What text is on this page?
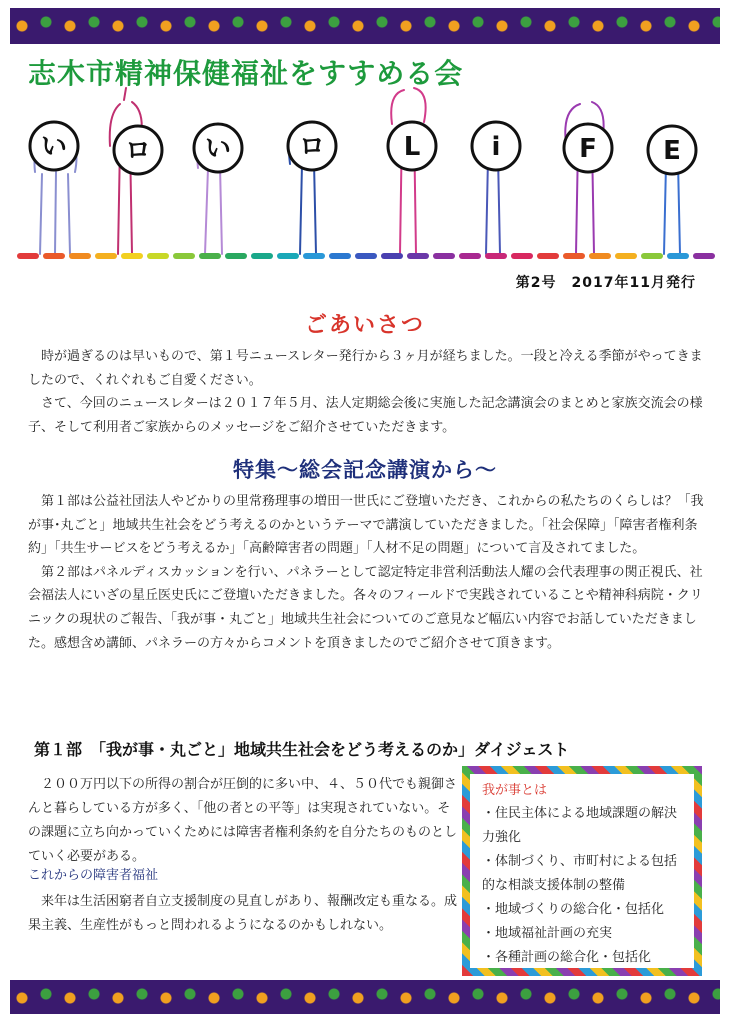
志木市精神保健福祉をすすめる会
い ロ い	ロ	L	i	F	E
第2号　2017年11月発行
ごあいさつ
　時が過ぎるのは早いもので、第１号ニュースレター発行から３ヶ月が経ちました。一段と冷える季節がやってきましたので、くれぐれもご自愛ください。
　さて、今回のニュースレターは２０１７年５月、法人定期総会後に実施した記念講演会のまとめと家族交流会の様子、そして利用者ご家族からのメッセージをご紹介させていただきます。
特集～総会記念講演から～
　第１部は公益社団法人やどかりの里常務理事の増田一世氏にご登壇いただき、これからの私たちのくらしは？「我が事･丸ごと」地域共生社会をどう考えるのかというテーマで講演していただきました。「社会保障」「障害者権利条約」「共生サービスをどう考えるか」「高齢障害者の問題」「人材不足の問題」について言及されてました。
　第２部はパネルディスカッションを行い、パネラーとして認定特定非営利活動法人耀の会代表理事の関正視氏、社会福法人にいざの星丘医史氏にご登壇いただきました。各々のフィールドで実践されていることや精神科病院・クリニックの現状のご報告、「我が事・丸ごと」地域共生社会についてのご意見など幅広い内容でお話していただきました。感想含め講師、パネラーの方々からコメントを頂きましたのでご紹介させて頂きます。
第１部　「我が事・丸ごと」地域共生社会をどう考えるのか」ダイジェスト
　２００万円以下の所得の割合が圧倒的に多い中、４、５０代でも親御さんと暮らしている方が多く、「他の者との平等」は実現されていない。その課題に立ち向かっていくためには障害者権利条約を自分たちのものとしていく必要がある。
これからの障害者福祉
　来年は生活困窮者自立支援制度の見直しがあり、報酬改定も重なる。成果主義、生産性がもっと問われるようになるのかもしれない。
我が事とは
・住民主体による地域課題の解決力強化
・体制づくり、市町村による包括的な相談支援体制の整備
・地域づくりの総合化・包括化
・地域福祉計画の充実
・各種計画の総合化・包括化
